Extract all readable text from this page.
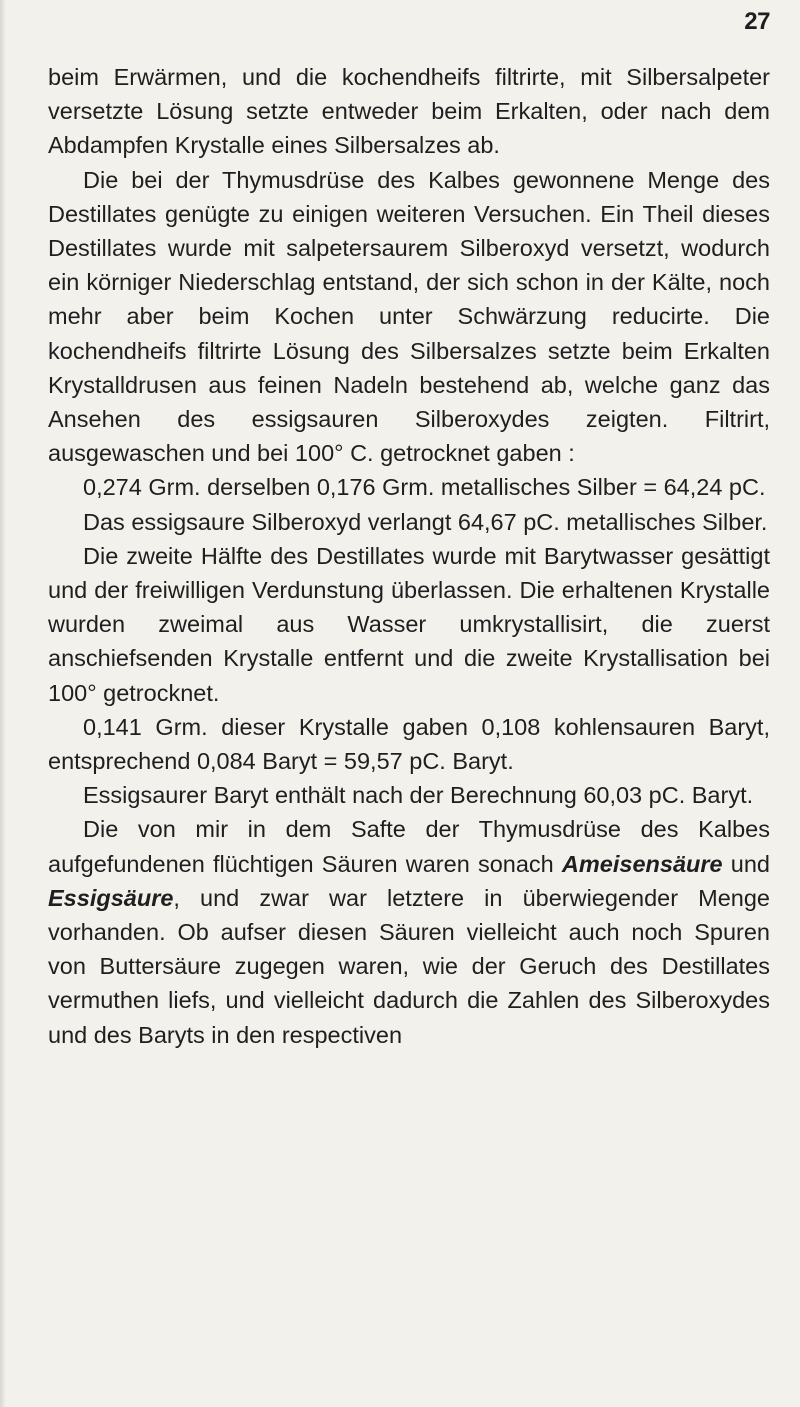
27

beim Erwärmen, und die kochendheifs filtrirte, mit Silbersalpeter versetzte Lösung setzte entweder beim Erkalten, oder nach dem Abdampfen Krystalle eines Silbersalzes ab.

Die bei der Thymusdrüse des Kalbes gewonnene Menge des Destillates genügte zu einigen weiteren Versuchen. Ein Theil dieses Destillates wurde mit salpetersaurem Silberoxyd versetzt, wodurch ein körniger Niederschlag entstand, der sich schon in der Kälte, noch mehr aber beim Kochen unter Schwärzung reducirte. Die kochendheifs filtrirte Lösung des Silbersalzes setzte beim Erkalten Krystalldrusen aus feinen Nadeln bestehend ab, welche ganz das Ansehen des essigsauren Silberoxydes zeigten. Filtrirt, ausgewaschen und bei 100° C. getrocknet gaben :

0,274 Grm. derselben 0,176 Grm. metallisches Silber = 64,24 pC.

Das essigsaure Silberoxyd verlangt 64,67 pC. metallisches Silber.

Die zweite Hälfte des Destillates wurde mit Barytwasser gesättigt und der freiwilligen Verdunstung überlassen. Die erhaltenen Krystalle wurden zweimal aus Wasser umkrystallisirt, die zuerst anschiefsenden Krystalle entfernt und die zweite Krystallisation bei 100° getrocknet.

0,141 Grm. dieser Krystalle gaben 0,108 kohlensauren Baryt, entsprechend 0,084 Baryt = 59,57 pC. Baryt.

Essigsaurer Baryt enthält nach der Berechnung 60,03 pC. Baryt.

Die von mir in dem Safte der Thymusdrüse des Kalbes aufgefundenen flüchtigen Säuren waren sonach Ameisensäure und Essigsäure, und zwar war letztere in überwiegender Menge vorhanden. Ob aufser diesen Säuren vielleicht auch noch Spuren von Buttersäure zugegen waren, wie der Geruch des Destillates vermuthen liefs, und vielleicht dadurch die Zahlen des Silberoxydes und des Baryts in den respectiven
